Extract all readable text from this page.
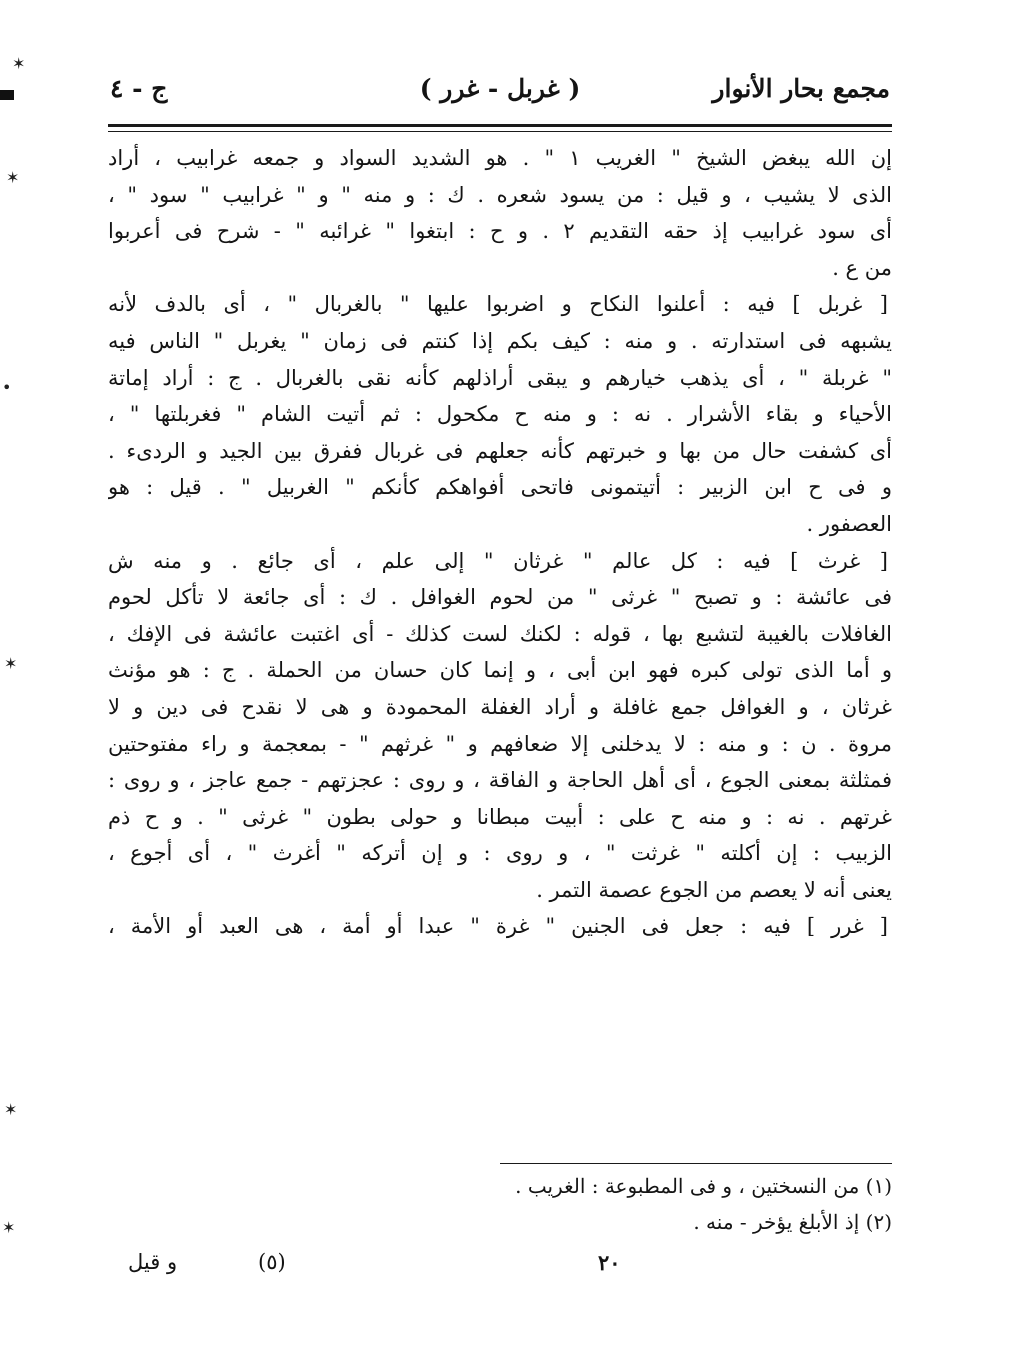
✶
✶
•
✶
✶
✶
مجمع بحار الأنوار
( غربل - غرر )
ج - ٤
إن الله يبغض الشيخ " الغريب ١ " . هو الشديد السواد و جمعه غرابيب ، أراد
الذى لا يشيب ، و قيل : من يسود شعره . ك : و منه " و " غرابيب " سود " ،
أى سود غرابيب إذ حقه التقديم ٢ . و ح : ابتغوا " غرائبه " - شرح فى أعربوا
من ع .
[ غربل ] فيه : أعلنوا النكاح و اضربوا عليها " بالغربال " ، أى بالدف لأنه
يشبهه فى استدارته . و منه : كيف بكم إذا كنتم فى زمان " يغربل " الناس فيه
" غربلة " ، أى يذهب خيارهم و يبقى أراذلهم كأنه نقى بالغربال . ج : أراد إماتة
الأحياء و بقاء الأشرار . نه : و منه ح مكحول : ثم أتيت الشام " فغربلتها " ،
أى كشفت حال من بها و خبرتهم كأنه جعلهم فى غربال ففرق بين الجيد و الردىء .
و فى ح ابن الزبير : أتيتمونى فاتحى أفواهكم كأنكم " الغربيل " . قيل : هو
العصفور .
[ غرث ] فيه : كل عالم " غرثان " إلى علم ، أى جائع . و منه ش
فى عائشة : و تصبح " غرثى " من لحوم الغوافل . ك : أى جائعة لا تأكل لحوم
الغافلات بالغيبة لتشبع بها ، قوله : لكنك لست كذلك - أى اغتبت عائشة فى الإفك ،
و أما الذى تولى كبره فهو ابن أبى ، و إنما كان حسان من الحملة . ج : هو مؤنث
غرثان ، و الغوافل جمع غافلة و أراد الغفلة المحمودة و هى لا نقدح فى دين و لا
مروة . ن : و منه : لا يدخلنى إلا ضعافهم و " غرثهم " - بمعجمة و راء مفتوحتين
فمثلثة بمعنى الجوع ، أى أهل الحاجة و الفاقة ، و روى : عجزتهم - جمع عاجز ، و روى :
غرتهم . نه : و منه ح على : أبيت مبطانا و حولى بطون " غرثى " . و ح ذم
الزبيب : إن أكلته " غرثت " ، و روى : و إن أتركه " أغرث " ، أى أجوع ،
يعنى أنه لا يعصم من الجوع عصمة التمر .
[ غرر ] فيه : جعل فى الجنين " غرة " عبدا أو أمة ، هى العبد أو الأمة ،
(١) من النسختين ، و فى المطبوعة : الغريب .
(٢) إذ الأبلغ يؤخر - منه .
٢٠
(٥)
و قيل
